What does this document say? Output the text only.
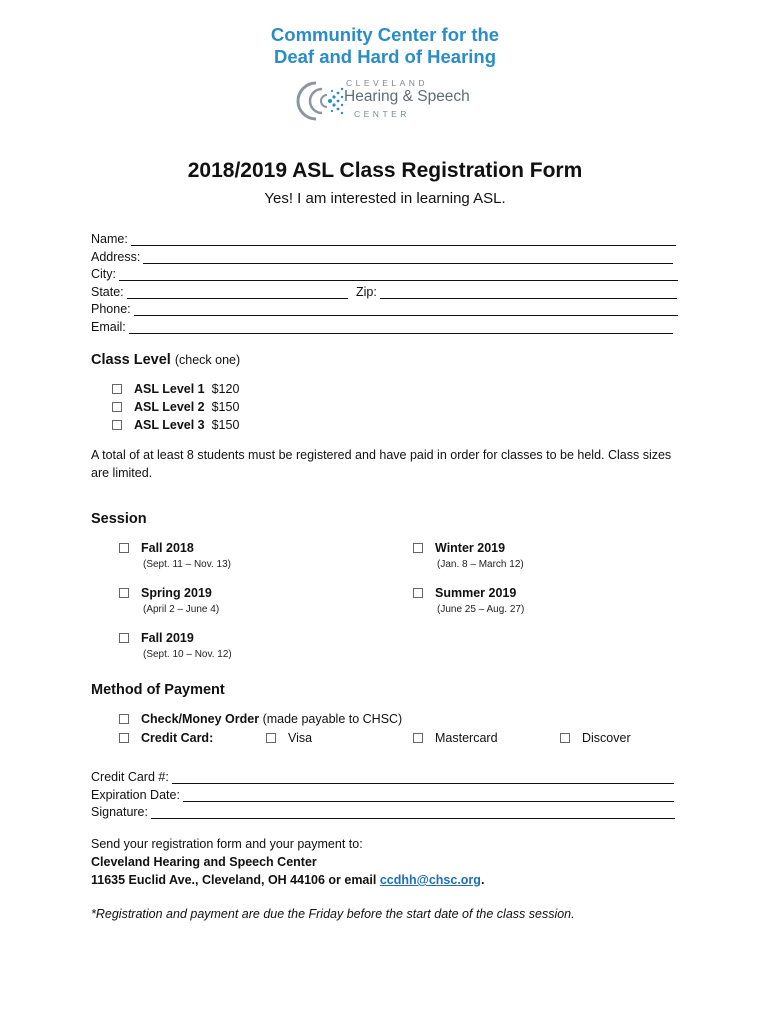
Community Center for the
Deaf and Hard of Hearing
CLEVELAND
Hearing & Speech
CENTER
2018/2019 ASL Class Registration Form
Yes! I am interested in learning ASL.
Name:
Address:
City:
State:	Zip:
Phone:
Email:
Class Level (check one)
ASL Level 1
$120
ASL Level 2
$150
ASL Level 3
$150
A total of at least 8 students must be registered and have paid in order for classes to be held. Class sizes are limited.
Session
Fall 2018
(Sept. 11 – Nov. 13)
Winter 2019
(Jan. 8 – March 12)
Spring 2019
(April 2 – June 4)
Summer 2019
(June 25 – Aug. 27)
Fall 2019
(Sept. 10 – Nov. 12)
Method of Payment
Check/Money Order
(made payable to CHSC)
Credit Card:	Visa	Mastercard	Discover
Credit Card #:
Expiration Date:
Signature:
Send your registration form and your payment to:
Cleveland Hearing and Speech Center
11635 Euclid Ave., Cleveland, OH 44106 or email ccdhh@chsc.org.
*Registration and payment are due the Friday before the start date of the class session.
